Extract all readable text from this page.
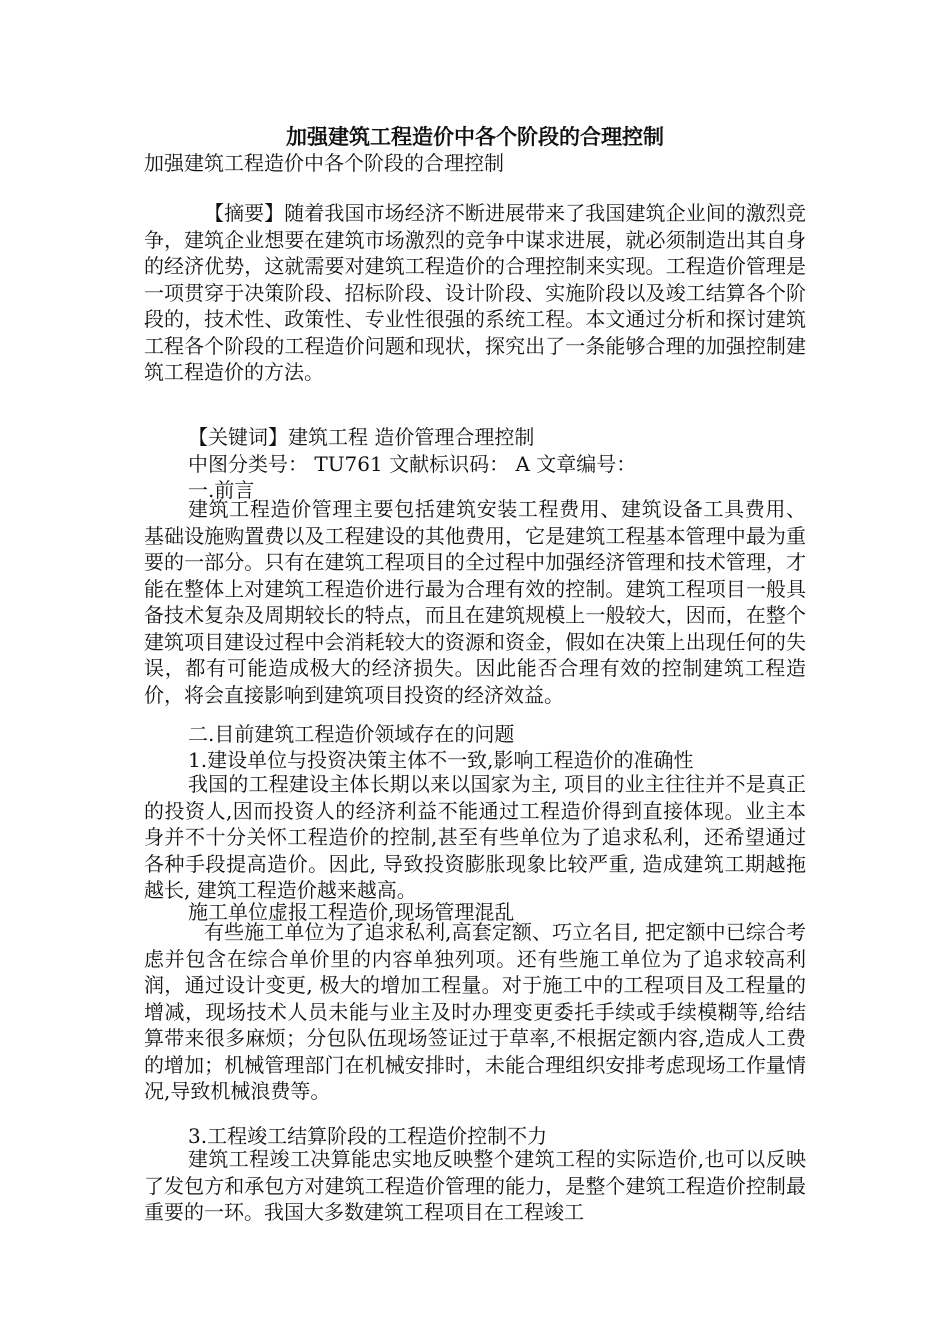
加强建筑工程造价中各个阶段的合理控制
加强建筑工程造价中各个阶段的合理控制
【摘要】随着我国市场经济不断进展带来了我国建筑企业间的激烈竞争，建筑企业想要在建筑市场激烈的竞争中谋求进展，就必须制造出其自身的经济优势，这就需要对建筑工程造价的合理控制来实现。工程造价管理是一项贯穿于决策阶段、招标阶段、设计阶段、实施阶段以及竣工结算各个阶段的，技术性、政策性、专业性很强的系统工程。本文通过分析和探讨建筑工程各个阶段的工程造价问题和现状，探究出了一条能够合理的加强控制建筑工程造价的方法。
【关键词】建筑工程 造价管理合理控制
中图分类号： TU761 文献标识码： A 文章编号：
一.前言
建筑工程造价管理主要包括建筑安装工程费用、建筑设备工具费用、基础设施购置费以及工程建设的其他费用，它是建筑工程基本管理中最为重要的一部分。只有在建筑工程项目的全过程中加强经济管理和技术管理，才能在整体上对建筑工程造价进行最为合理有效的控制。建筑工程项目一般具备技术复杂及周期较长的特点，而且在建筑规模上一般较大，因而，在整个建筑项目建设过程中会消耗较大的资源和资金，假如在决策上出现任何的失误，都有可能造成极大的经济损失。因此能否合理有效的控制建筑工程造价，将会直接影响到建筑项目投资的经济效益。
二.目前建筑工程造价领域存在的问题
1.建设单位与投资决策主体不一致,影响工程造价的准确性
我国的工程建设主体长期以来以国家为主, 项目的业主往往并不是真正的投资人,因而投资人的经济利益不能通过工程造价得到直接体现。业主本身并不十分关怀工程造价的控制,甚至有些单位为了追求私利，还希望通过各种手段提高造价。因此, 导致投资膨胀现象比较严重, 造成建筑工期越拖越长, 建筑工程造价越来越高。
施工单位虚报工程造价,现场管理混乱
有些施工单位为了追求私利,高套定额、巧立名目, 把定额中已综合考虑并包含在综合单价里的内容单独列项。还有些施工单位为了追求较高利润，通过设计变更, 极大的增加工程量。对于施工中的工程项目及工程量的增减，现场技术人员未能与业主及时办理变更委托手续或手续模糊等,给结算带来很多麻烦；分包队伍现场签证过于草率,不根据定额内容,造成人工费的增加；机械管理部门在机械安排时，未能合理组织安排考虑现场工作量情况,导致机械浪费等。
3.工程竣工结算阶段的工程造价控制不力
建筑工程竣工决算能忠实地反映整个建筑工程的实际造价,也可以反映了发包方和承包方对建筑工程造价管理的能力，是整个建筑工程造价控制最重要的一环。我国大多数建筑工程项目在工程竣工
